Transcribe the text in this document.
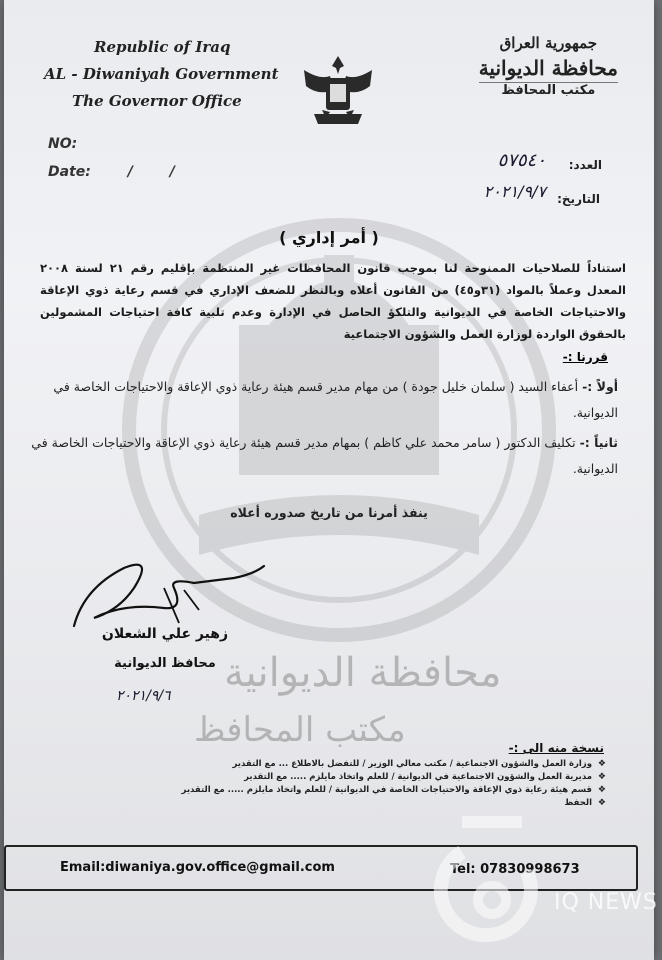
Republic of Iraq
AL - Diwaniyah Government
The Governor Office
جمهورية العراق
محافظة الديوانية
مكتب المحافظ
NO:
Date: / /	العدد:
٥٧٥٤٠
التاريخ:
٢٠٢١/٩/٧
( أمر إداري )
استناداً للصلاحيات الممنوحة لنا بموجب قانون المحافظات غير المنتظمة بإقليم رقم ٢١ لسنة ٢٠٠٨ المعدل وعملاً بالمواد (٣١و٤٥) من القانون أعلاه وبالنظر للضعف الإداري في قسم رعاية ذوي الإعاقة والاحتياجات الخاصة في الديوانية والتلكؤ الحاصل في الإدارة وعدم تلبية كافة احتياجات المشمولين بالحقوق الواردة لوزارة العمل والشؤون الاجتماعية
قررنا :-
أولاً :- أعفاء السيد ( سلمان خليل جودة ) من مهام مدير قسم هيئة رعاية ذوي الإعاقة والاحتياجات الخاصة في الديوانية.
ثانياً :- تكليف الدكتور ( سامر محمد علي كاظم ) بمهام مدير قسم هيئة رعاية ذوي الإعاقة والاحتياجات الخاصة في الديوانية.
ينفذ أمرنا من تاريخ صدوره أعلاه
محافظة الديوانية
مكتب المحافظ
زهير علي الشعلان
محافظ الديوانية
٢٠٢١/٩/٦
نسخة منه الى :-
❖ وزارة العمل والشؤون الاجتماعية / مكتب معالي الوزير / للتفضل بالاطلاع ... مع التقدير
❖ مديرية العمل والشؤون الاجتماعية في الديوانية / للعلم واتخاذ مايلزم ..... مع التقدير
❖ قسم هيئة رعاية ذوي الإعاقة والاحتياجات الخاصة في الديوانية / للعلم واتخاذ مايلزم ..... مع التقدير
❖ الحفظ
Email:diwaniya.gov.office@gmail.com	Tel: 07830998673
IQ NEWS
